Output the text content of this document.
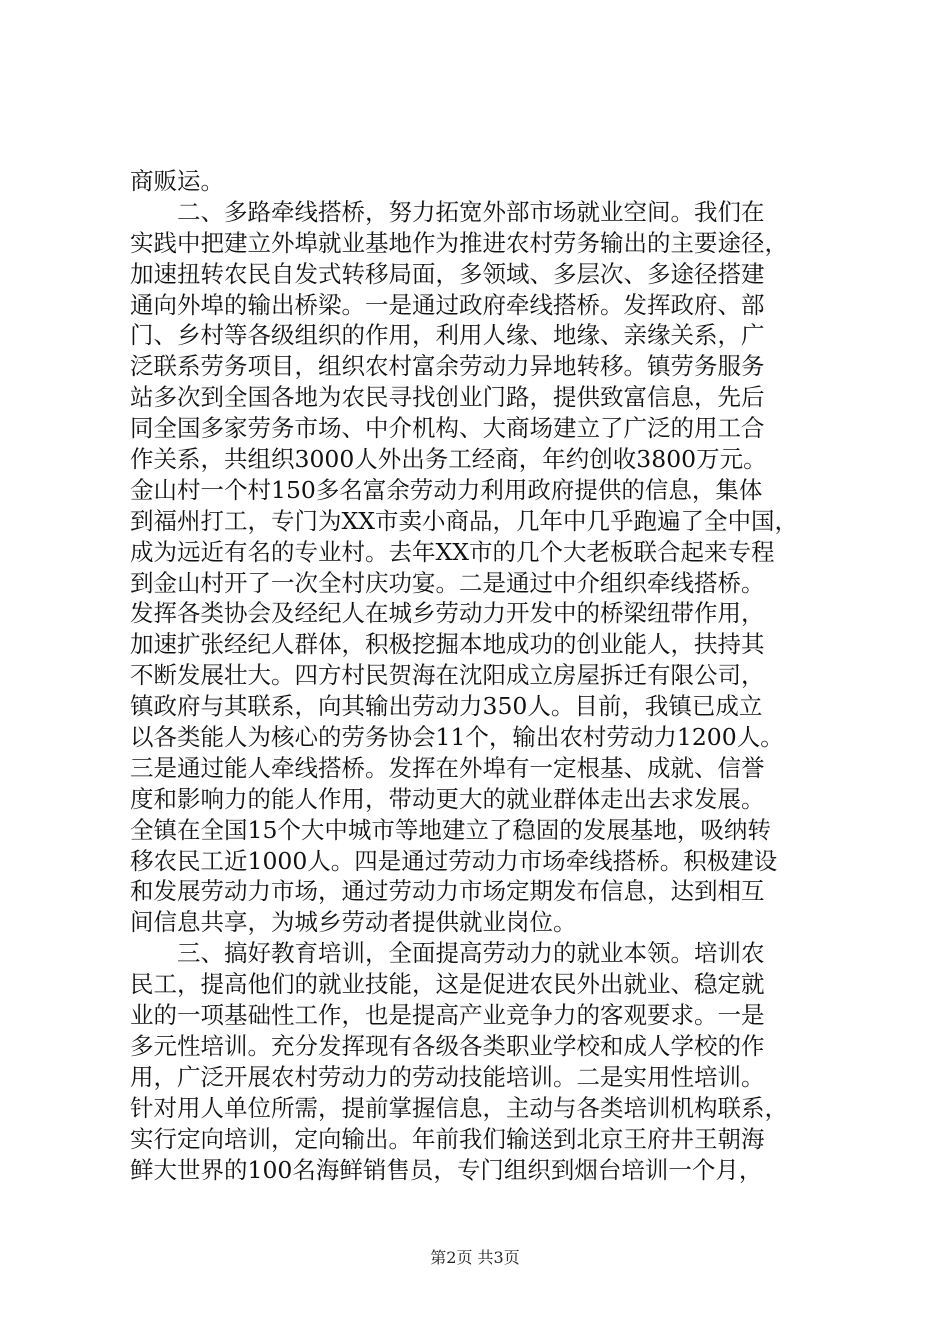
商贩运。
　　二、多路牵线搭桥，努力拓宽外部市场就业空间。我们在
实践中把建立外埠就业基地作为推进农村劳务输出的主要途径，
加速扭转农民自发式转移局面，多领域、多层次、多途径搭建
通向外埠的输出桥梁。一是通过政府牵线搭桥。发挥政府、部
门、乡村等各级组织的作用，利用人缘、地缘、亲缘关系，广
泛联系劳务项目，组织农村富余劳动力异地转移。镇劳务服务
站多次到全国各地为农民寻找创业门路，提供致富信息，先后
同全国多家劳务市场、中介机构、大商场建立了广泛的用工合
作关系，共组织3000人外出务工经商，年约创收3800万元。
金山村一个村150多名富余劳动力利用政府提供的信息，集体
到福州打工，专门为XX市卖小商品，几年中几乎跑遍了全中国，
成为远近有名的专业村。去年XX市的几个大老板联合起来专程
到金山村开了一次全村庆功宴。二是通过中介组织牵线搭桥。
发挥各类协会及经纪人在城乡劳动力开发中的桥梁纽带作用，
加速扩张经纪人群体，积极挖掘本地成功的创业能人，扶持其
不断发展壮大。四方村民贺海在沈阳成立房屋拆迁有限公司，
镇政府与其联系，向其输出劳动力350人。目前，我镇已成立
以各类能人为核心的劳务协会11个，输出农村劳动力1200人。
三是通过能人牵线搭桥。发挥在外埠有一定根基、成就、信誉
度和影响力的能人作用，带动更大的就业群体走出去求发展。
全镇在全国15个大中城市等地建立了稳固的发展基地，吸纳转
移农民工近1000人。四是通过劳动力市场牵线搭桥。积极建设
和发展劳动力市场，通过劳动力市场定期发布信息，达到相互
间信息共享，为城乡劳动者提供就业岗位。
　　三、搞好教育培训，全面提高劳动力的就业本领。培训农
民工，提高他们的就业技能，这是促进农民外出就业、稳定就
业的一项基础性工作，也是提高产业竞争力的客观要求。一是
多元性培训。充分发挥现有各级各类职业学校和成人学校的作
用，广泛开展农村劳动力的劳动技能培训。二是实用性培训。
针对用人单位所需，提前掌握信息，主动与各类培训机构联系，
实行定向培训，定向输出。年前我们输送到北京王府井王朝海
鲜大世界的100名海鲜销售员，专门组织到烟台培训一个月，
第2页 共3页
